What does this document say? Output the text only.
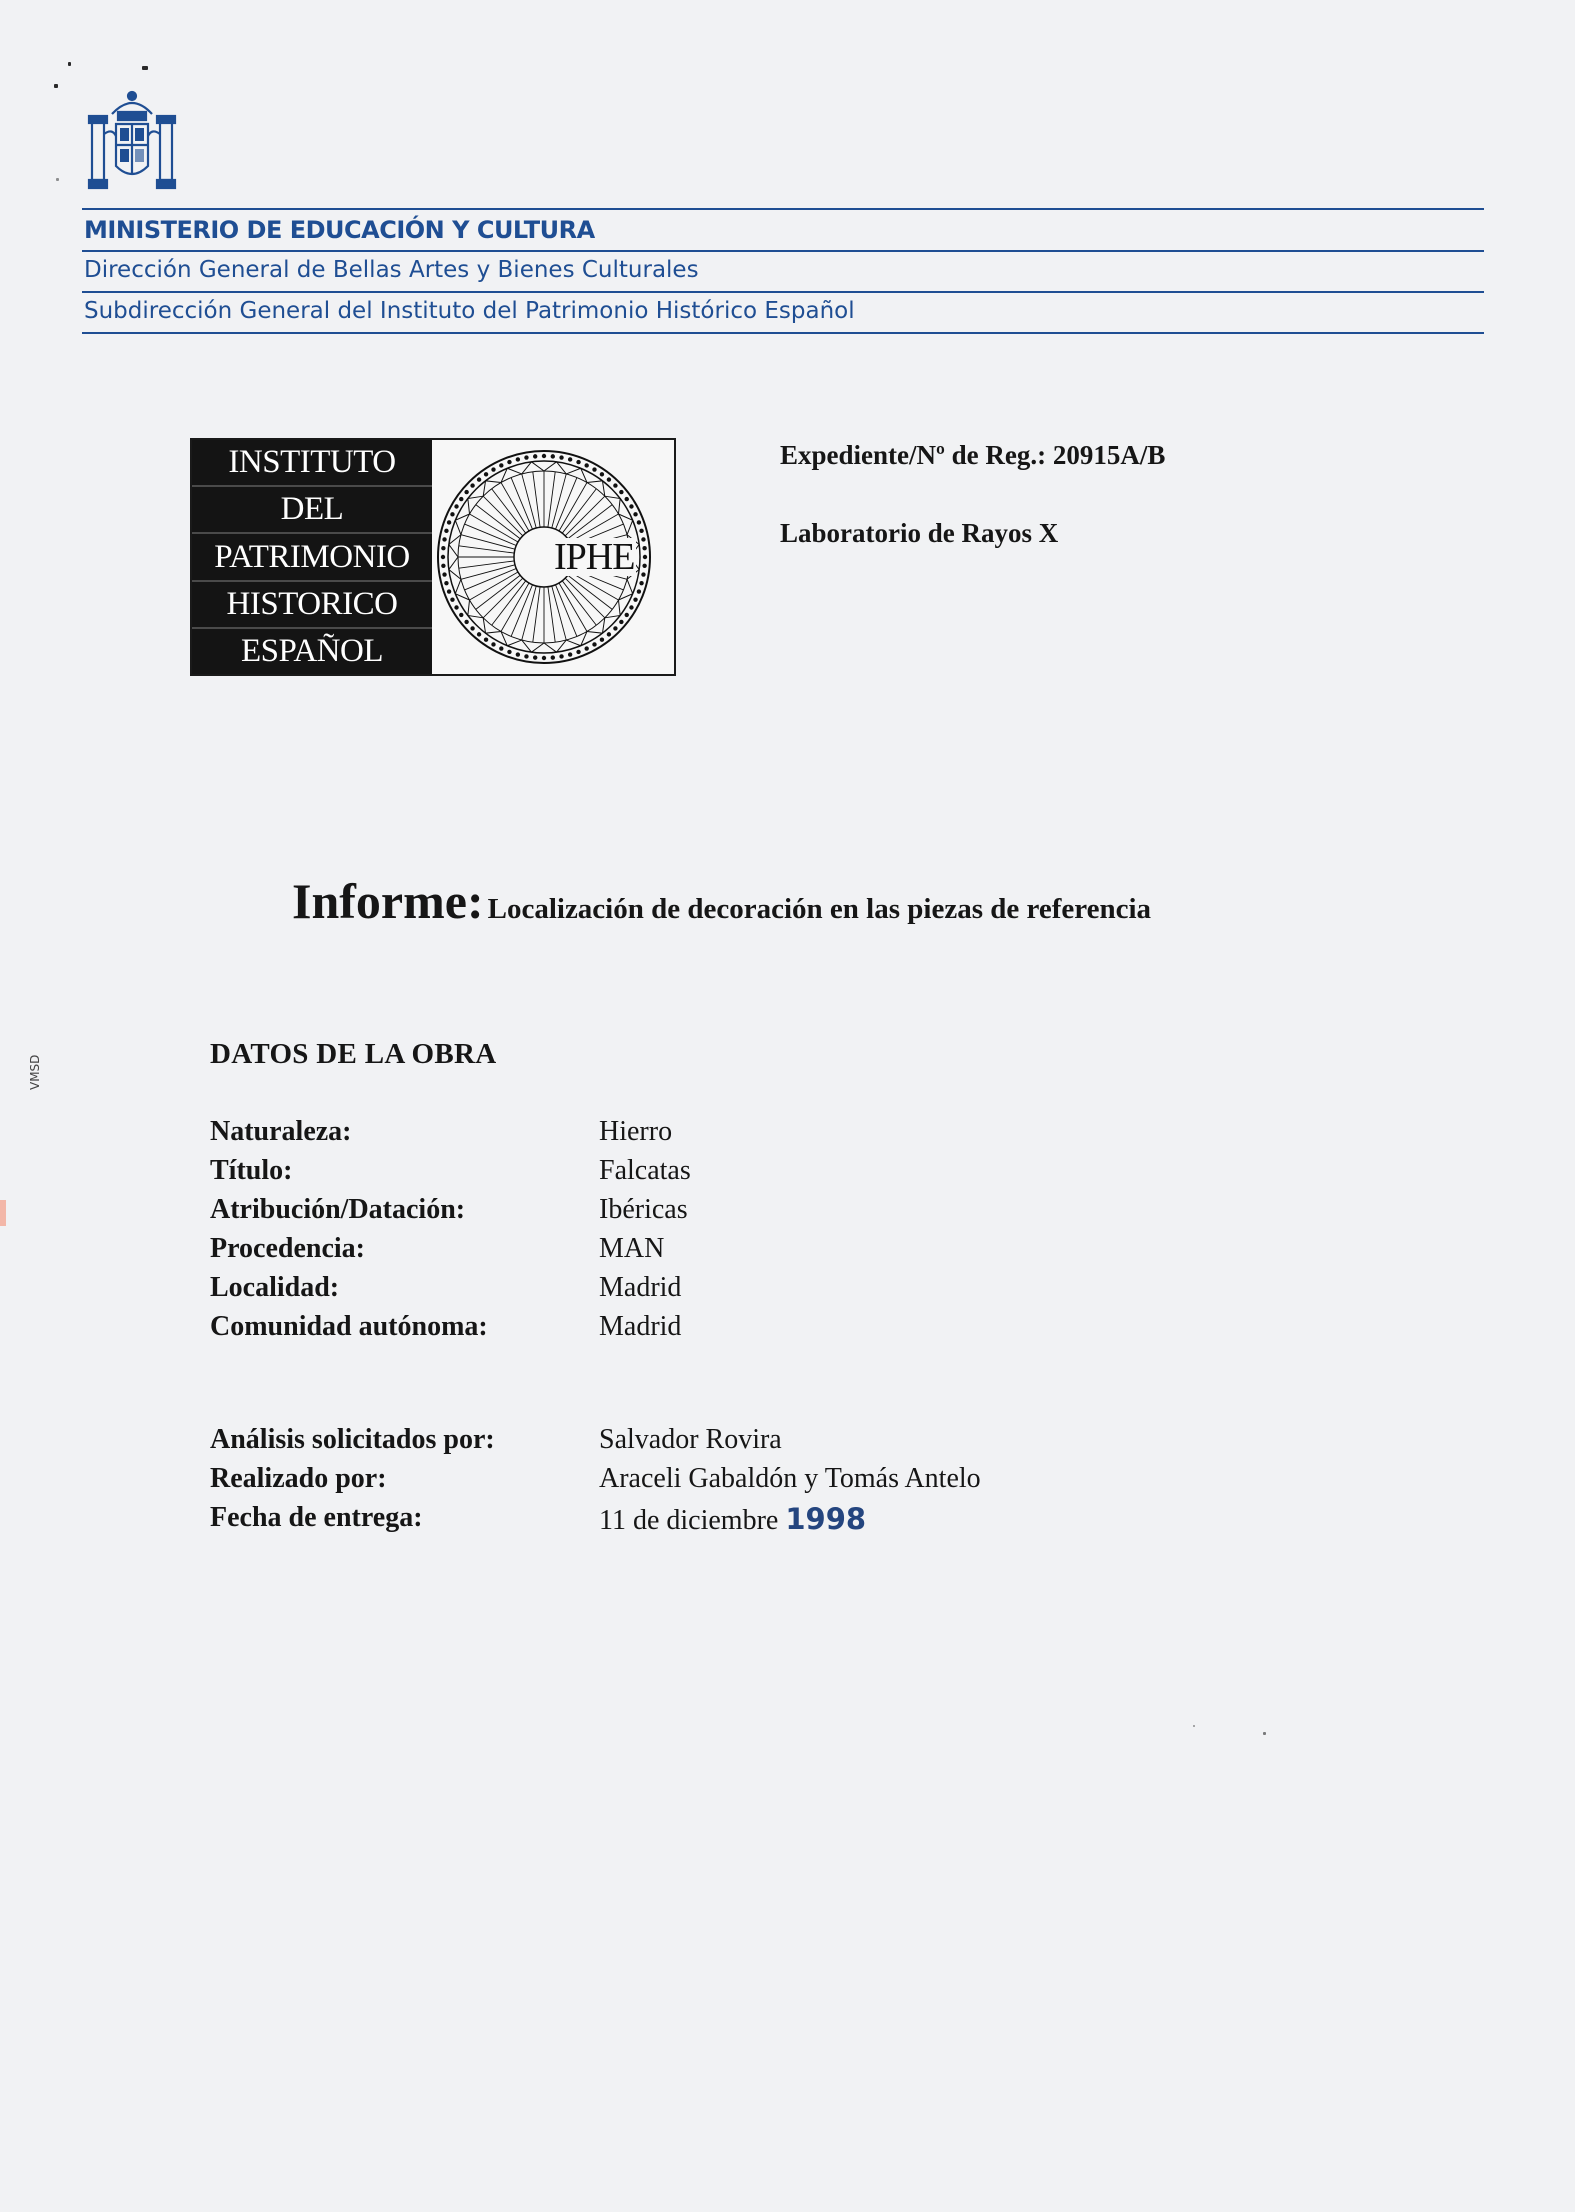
MINISTERIO DE EDUCACIÓN Y CULTURA
Dirección General de Bellas Artes y Bienes Culturales
Subdirección General del Instituto del Patrimonio Histórico Español
INSTITUTO
DEL
PATRIMONIO
HISTORICO
ESPAÑOL
IPHE
Expediente/Nº de Reg.: 20915A/B
Laboratorio de Rayos X
Informe: Localización de decoración en las piezas de referencia
DATOS DE LA OBRA
Naturaleza:	Hierro
Título:	Falcatas
Atribución/Datación:	Ibéricas
Procedencia:	MAN
Localidad:	Madrid
Comunidad autónoma:	Madrid
Análisis solicitados por:	Salvador Rovira
Realizado por:	Araceli Gabaldón y Tomás Antelo
Fecha de entrega:	11 de diciembre 1998
VMSD
